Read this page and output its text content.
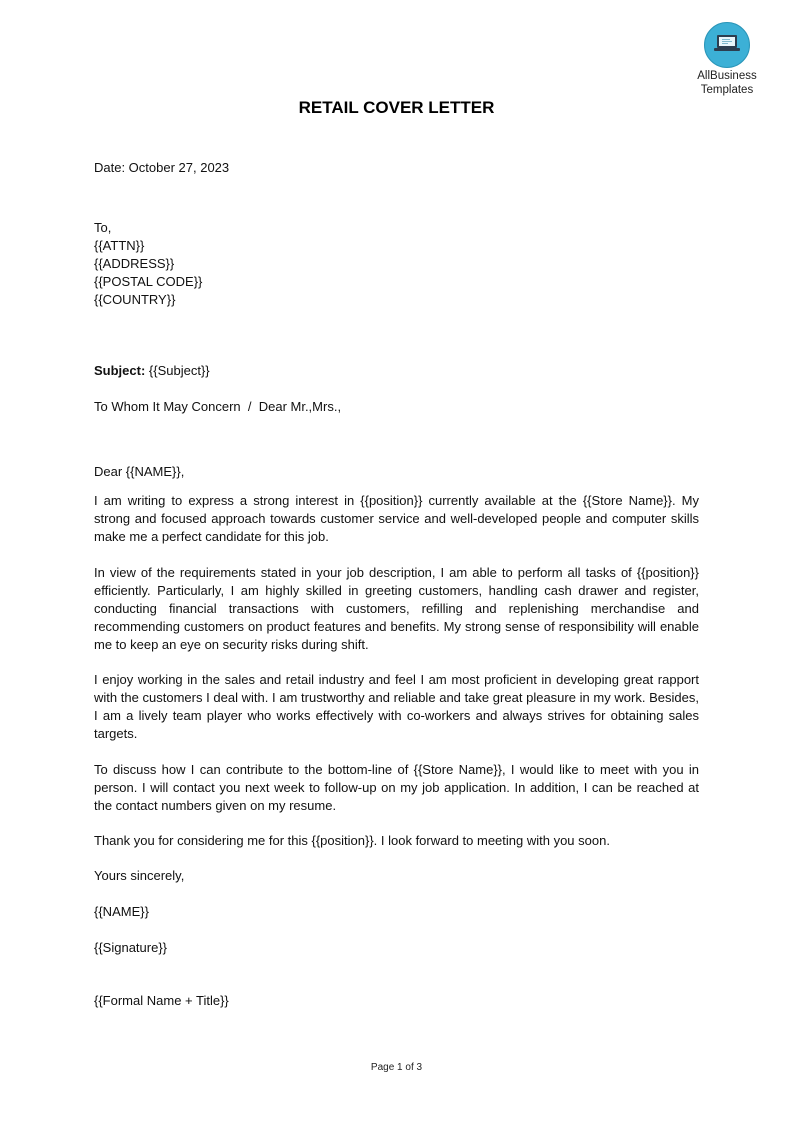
AllBusiness
Templates
RETAIL COVER LETTER
Date: October 27, 2023
To,
{{ATTN}}
{{ADDRESS}}
{{POSTAL CODE}}
{{COUNTRY}}
Subject: {{Subject}}
To Whom It May Concern  /  Dear Mr.,Mrs.,
Dear {{NAME}},
I am writing to express a strong interest in {{position}} currently available at the {{Store Name}}. My strong and focused approach towards customer service and well-developed people and computer skills make me a perfect candidate for this job.
In view of the requirements stated in your job description, I am able to perform all tasks of {{position}} efficiently. Particularly, I am highly skilled in greeting customers, handling cash drawer and register, conducting financial transactions with customers, refilling and replenishing merchandise and recommending customers on product features and benefits. My strong sense of responsibility will enable me to keep an eye on security risks during shift.
I enjoy working in the sales and retail industry and feel I am most proficient in developing great rapport with the customers I deal with. I am trustworthy and reliable and take great pleasure in my work. Besides, I am a lively team player who works effectively with co-workers and always strives for obtaining sales targets.
To discuss how I can contribute to the bottom-line of {{Store Name}}, I would like to meet with you in person. I will contact you next week to follow-up on my job application. In addition, I can be reached at the contact numbers given on my resume.
Thank you for considering me for this {{position}}. I look forward to meeting with you soon.
Yours sincerely,
{{NAME}}
{{Signature}}
{{Formal Name + Title}}
Page 1 of 3
